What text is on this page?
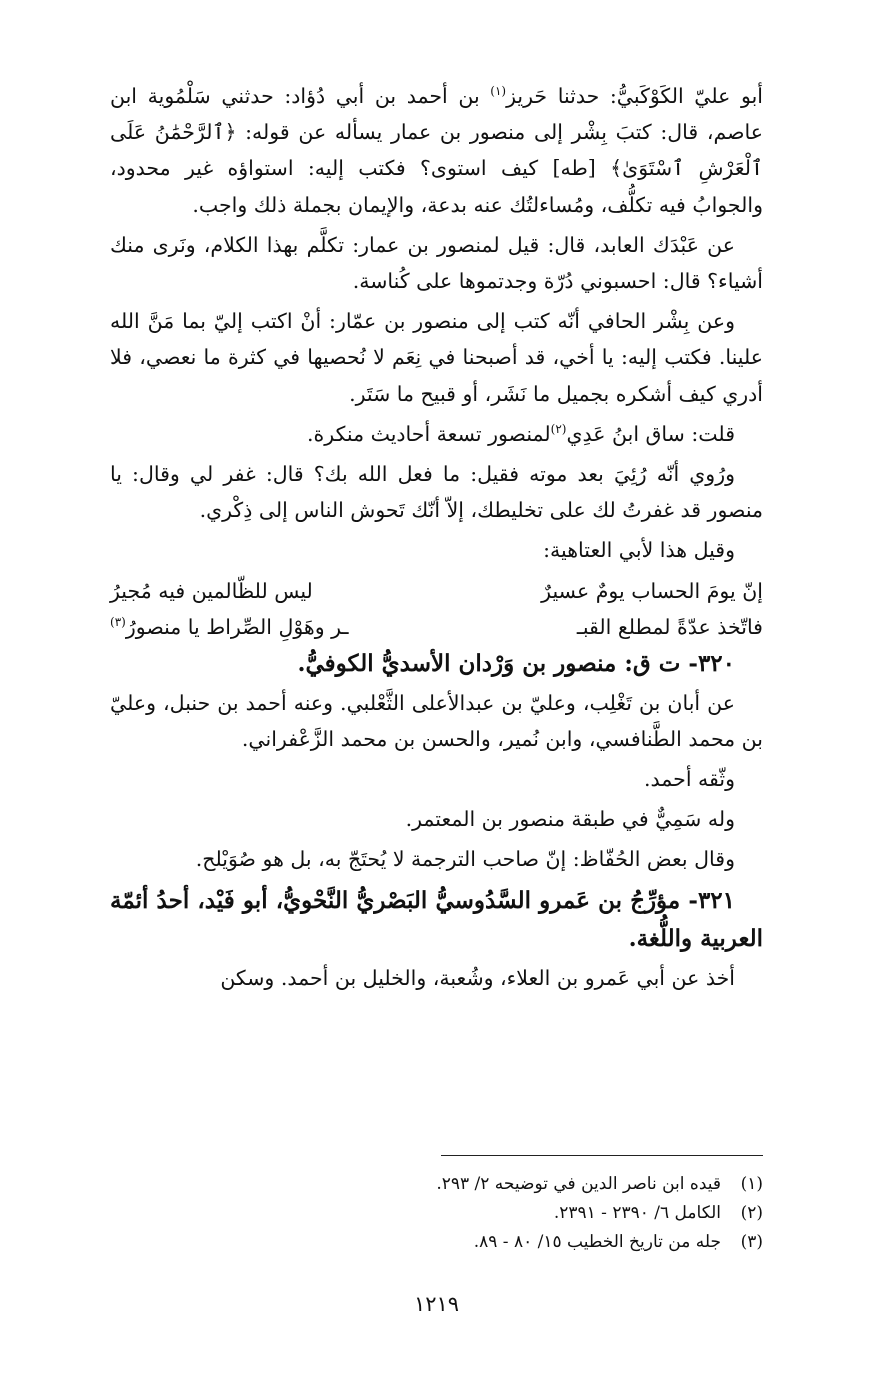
أبو عليّ الكَوْكَبيُّ: حدثنا حَريز$^{(١)}$ بن أحمد بن أبي دُؤاد: حدثني سَلْمُوية ابن عاصم، قال: كتبَ بِشْر إلى منصور بن عمار يسأله عن قوله: ﴿ٱلرَّحْمَٰنُ عَلَى ٱلْعَرْشِ ٱسْتَوَىٰ﴾ [طه] كيف استوى؟ فكتب إليه: استواؤه غير محدود، والجوابُ فيه تكلُّف، ومُساءلتُك عنه بدعة، والإيمان بجملة ذلك واجب.

عن عَبْدَك العابد، قال: قيل لمنصور بن عمار: تكلَّم بهذا الكلام، ونَرى منك أشياء؟ قال: احسبوني دُرّة وجدتموها على كُناسة.

وعن بِشْر الحافي أنّه كتب إلى منصور بن عمّار: أنْ اكتب إليّ بما مَنَّ الله علينا. فكتب إليه: يا أخي، قد أصبحنا في نِعَم لا نُحصيها في كثرة ما نعصي، فلا أدري كيف أشكره بجميل ما نَشَر، أو قبيح ما سَتَر.

قلت: ساق ابنُ عَدِي$^{(٢)}$لمنصور تسعة أحاديث منكرة.

ورُوي أنّه رُئِيَ بعد موته فقيل: ما فعل الله بك؟ قال: غفر لي وقال: يا منصور قد غفرتُ لك على تخليطك، إلاّ أنّك تَحوش الناس إلى ذِكْري.

وقيل هذا لأبي العتاهية:

إنّ يومَ الحساب يومٌ عسيرٌ
ليس للظّالمين فيه مُجيرُ
فاتّخذ عدّةً لمطلع القبـ
ـر وهَوْلِ الصِّراط يا منصورُ$^{(٣)}$

٣٢٠- ت ق: منصور بن وَرْدان الأسديُّ الكوفيُّ.

عن أبان بن تَغْلِب، وعليّ بن عبدالأعلى الثَّعْلبي. وعنه أحمد بن حنبل، وعليّ بن محمد الطَّنافسي، وابن نُمير، والحسن بن محمد الزَّعْفراني.

وثّقه أحمد.

وله سَمِيٌّ في طبقة منصور بن المعتمر.

وقال بعض الحُفّاظ: إنّ صاحب الترجمة لا يُحتَجّ به، بل هو صُوَيْلح.

٣٢١- مؤرِّجُ بن عَمرو السَّدُوسيُّ البَصْريُّ النَّحْويُّ، أبو فَيْد، أحدُ أئمّة العربية واللُّغة.

أخذ عن أبي عَمرو بن العلاء، وشُعبة، والخليل بن أحمد. وسكن

(١)
قيده ابن ناصر الدين في توضيحه ٢/ ٢٩٣.
(٢)
الكامل ٦/ ٢٣٩٠ - ٢٣٩١.
(٣)
جله من تاريخ الخطيب ١٥/ ٨٠ - ٨٩.
١٢١٩
